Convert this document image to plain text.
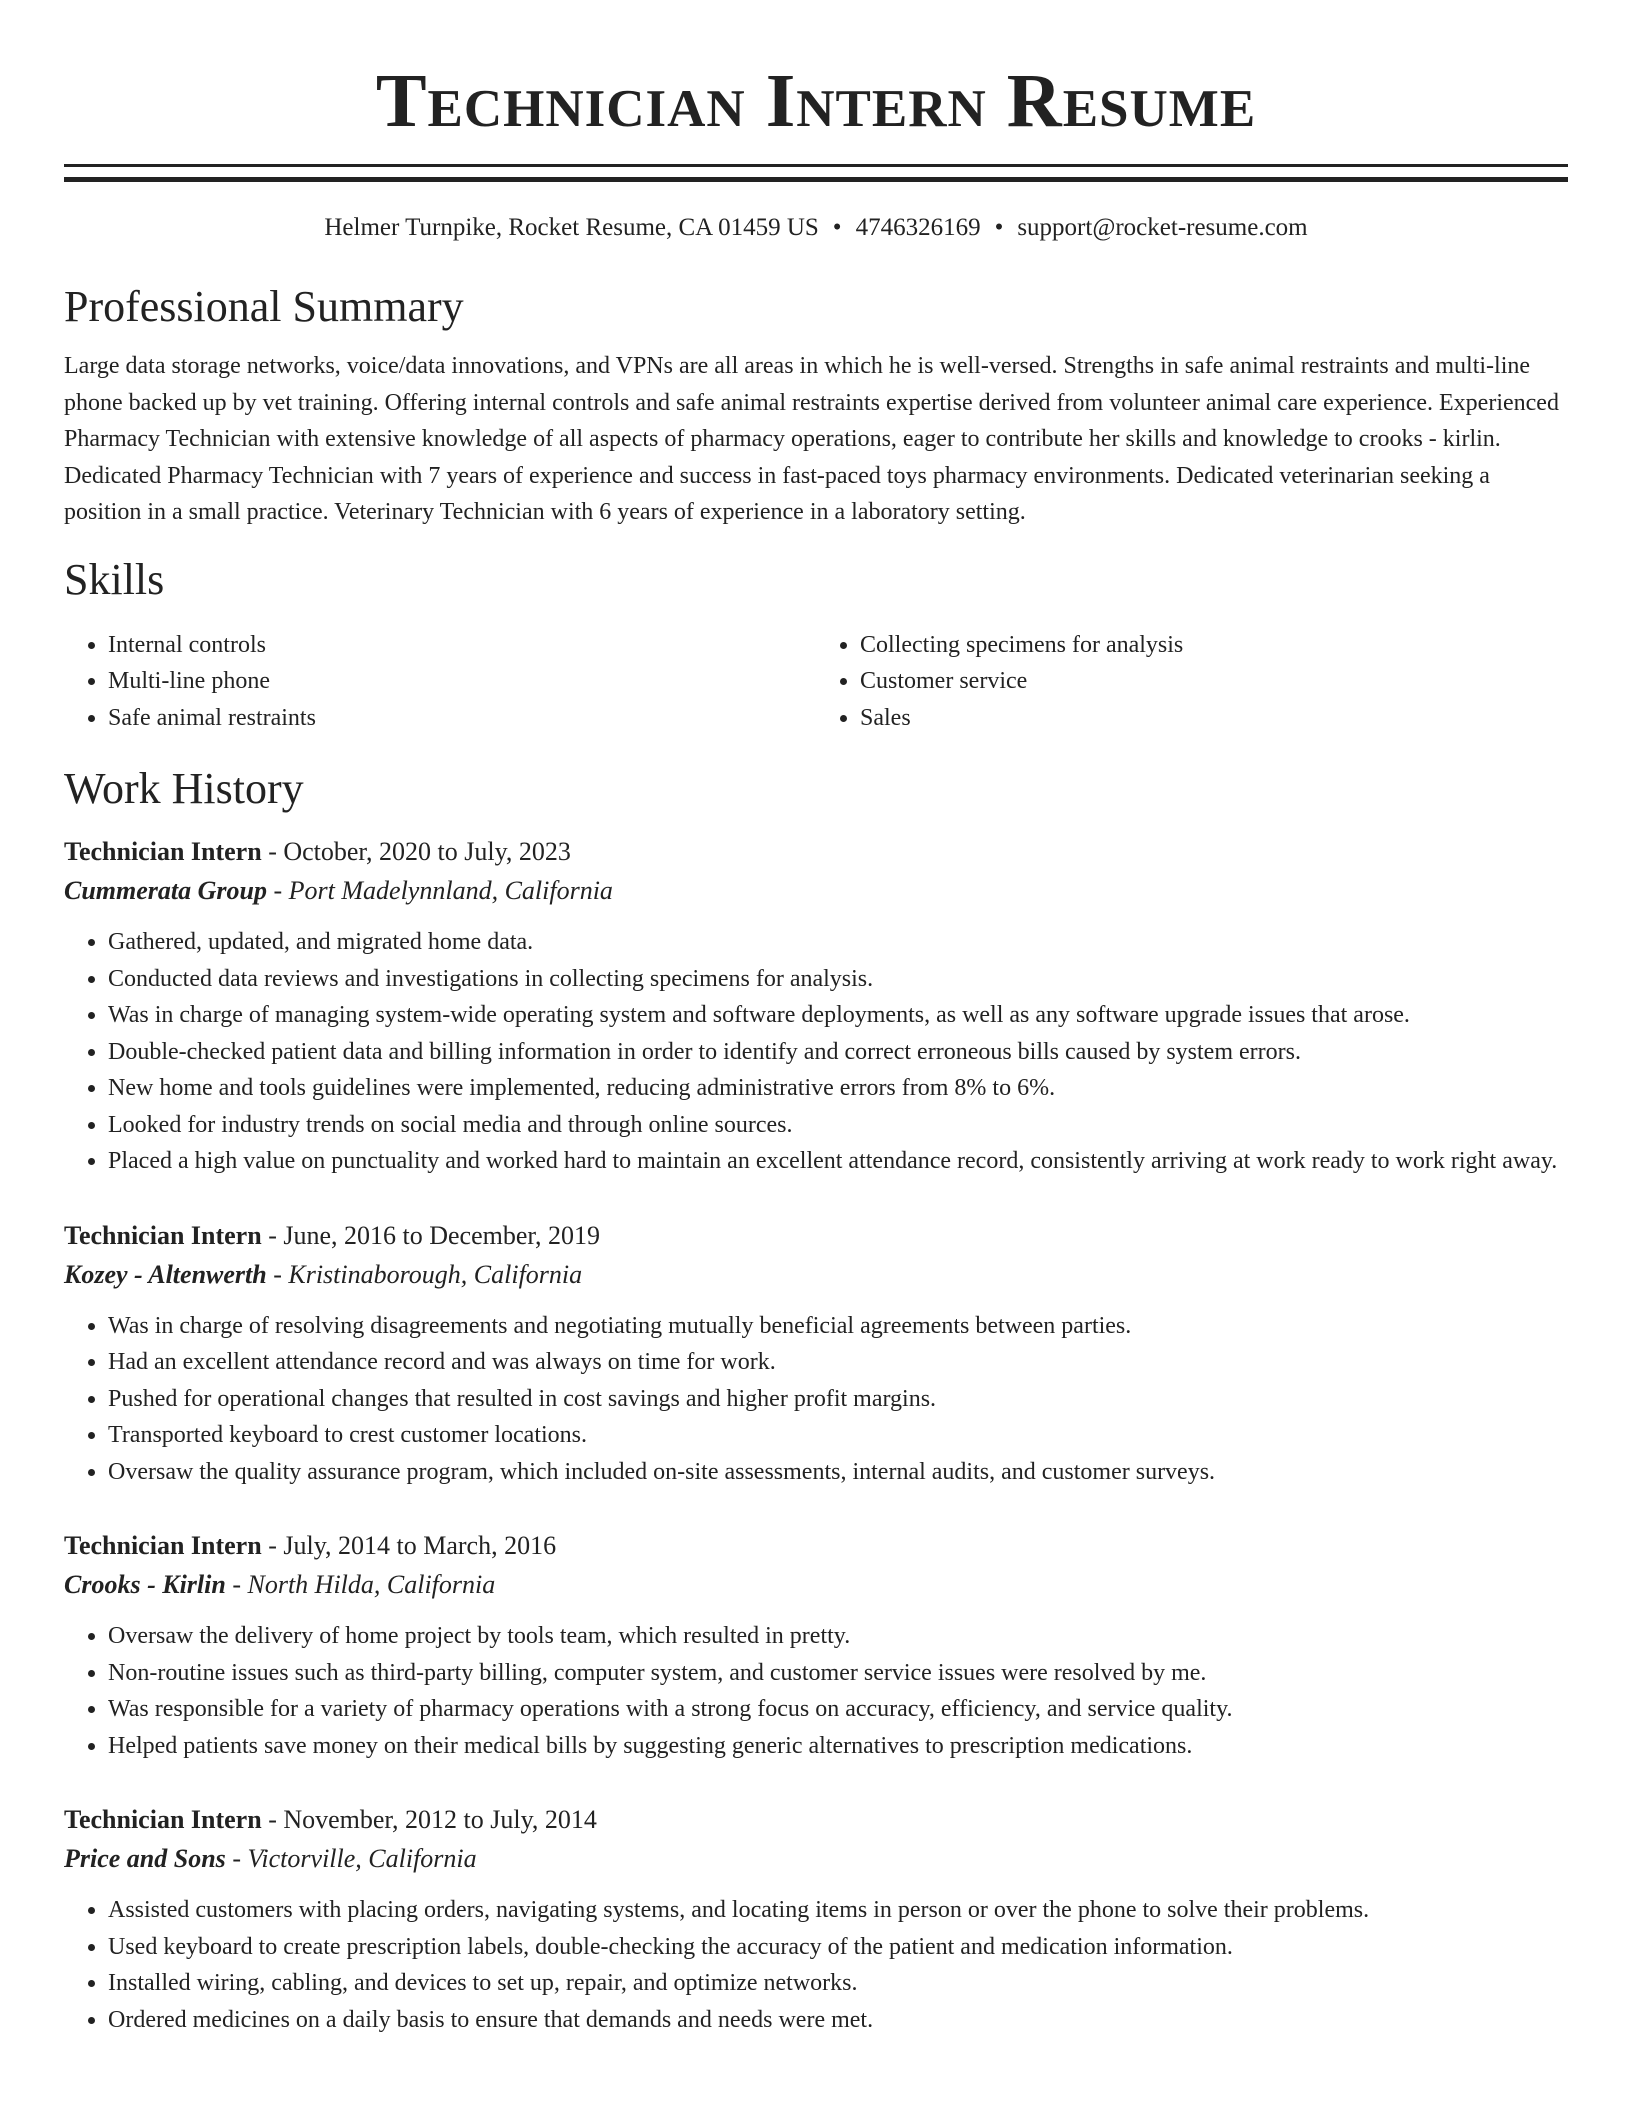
Technician Intern Resume
Helmer Turnpike, Rocket Resume, CA 01459 US • 4746326169 • support@rocket-resume.com
Professional Summary

Large data storage networks, voice/data innovations, and VPNs are all areas in which he is well-versed. Strengths in safe animal restraints and multi-line phone backed up by vet training. Offering internal controls and safe animal restraints expertise derived from volunteer animal care experience. Experienced Pharmacy Technician with extensive knowledge of all aspects of pharmacy operations, eager to contribute her skills and knowledge to crooks - kirlin. Dedicated Pharmacy Technician with 7 years of experience and success in fast-paced toys pharmacy environments. Dedicated veterinarian seeking a position in a small practice. Veterinary Technician with 6 years of experience in a laboratory setting.

Skills
• Internal controls
• Multi-line phone
• Safe animal restraints
• Collecting specimens for analysis
• Customer service
• Sales
Work History
Technician Intern - October, 2020 to July, 2023
Cummerata Group - Port Madelynnland, California
• Gathered, updated, and migrated home data.
• Conducted data reviews and investigations in collecting specimens for analysis.
• Was in charge of managing system-wide operating system and software deployments, as well as any software upgrade issues that arose.
• Double-checked patient data and billing information in order to identify and correct erroneous bills caused by system errors.
• New home and tools guidelines were implemented, reducing administrative errors from 8% to 6%.
• Looked for industry trends on social media and through online sources.
• Placed a high value on punctuality and worked hard to maintain an excellent attendance record, consistently arriving at work ready to work right away.
Technician Intern - June, 2016 to December, 2019
Kozey - Altenwerth - Kristinaborough, California
• Was in charge of resolving disagreements and negotiating mutually beneficial agreements between parties.
• Had an excellent attendance record and was always on time for work.
• Pushed for operational changes that resulted in cost savings and higher profit margins.
• Transported keyboard to crest customer locations.
• Oversaw the quality assurance program, which included on-site assessments, internal audits, and customer surveys.
Technician Intern - July, 2014 to March, 2016
Crooks - Kirlin - North Hilda, California
• Oversaw the delivery of home project by tools team, which resulted in pretty.
• Non-routine issues such as third-party billing, computer system, and customer service issues were resolved by me.
• Was responsible for a variety of pharmacy operations with a strong focus on accuracy, efficiency, and service quality.
• Helped patients save money on their medical bills by suggesting generic alternatives to prescription medications.
Technician Intern - November, 2012 to July, 2014
Price and Sons - Victorville, California
• Assisted customers with placing orders, navigating systems, and locating items in person or over the phone to solve their problems.
• Used keyboard to create prescription labels, double-checking the accuracy of the patient and medication information.
• Installed wiring, cabling, and devices to set up, repair, and optimize networks.
• Ordered medicines on a daily basis to ensure that demands and needs were met.
